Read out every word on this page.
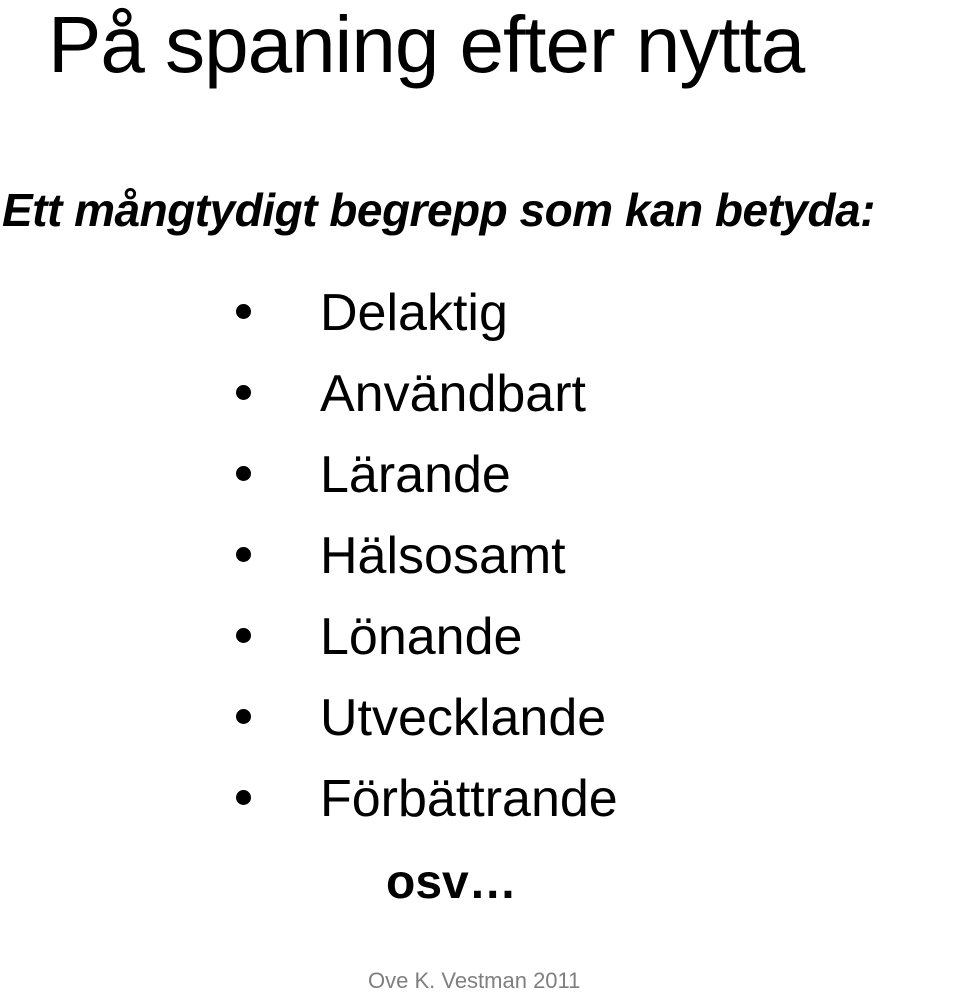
På spaning efter nytta
Ett mångtydigt begrepp som kan betyda:
Delaktig
Användbart
Lärande
Hälsosamt
Lönande
Utvecklande
Förbättrande
osv…
Ove K. Vestman 2011
